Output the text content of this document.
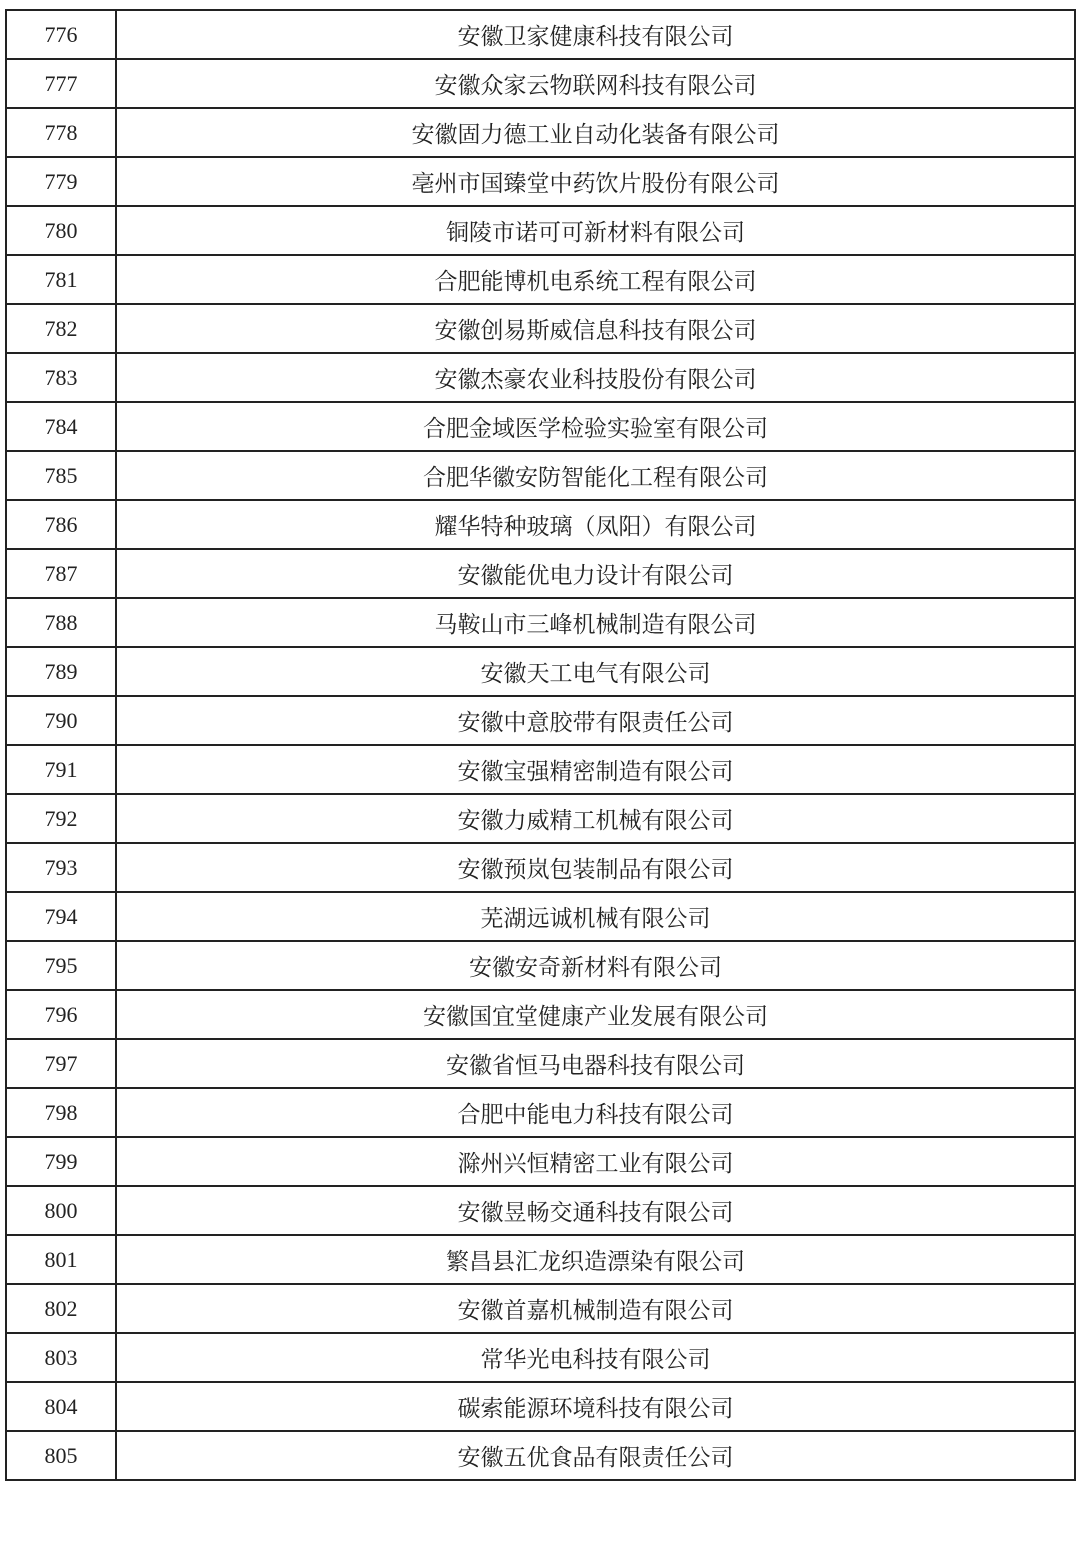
776	安徽卫家健康科技有限公司
777	安徽众家云物联网科技有限公司
778	安徽固力德工业自动化装备有限公司
779	亳州市国臻堂中药饮片股份有限公司
780	铜陵市诺可可新材料有限公司
781	合肥能博机电系统工程有限公司
782	安徽创易斯威信息科技有限公司
783	安徽杰豪农业科技股份有限公司
784	合肥金域医学检验实验室有限公司
785	合肥华徽安防智能化工程有限公司
786	耀华特种玻璃（凤阳）有限公司
787	安徽能优电力设计有限公司
788	马鞍山市三峰机械制造有限公司
789	安徽天工电气有限公司
790	安徽中意胶带有限责任公司
791	安徽宝强精密制造有限公司
792	安徽力威精工机械有限公司
793	安徽预岚包装制品有限公司
794	芜湖远诚机械有限公司
795	安徽安奇新材料有限公司
796	安徽国宜堂健康产业发展有限公司
797	安徽省恒马电器科技有限公司
798	合肥中能电力科技有限公司
799	滁州兴恒精密工业有限公司
800	安徽昱畅交通科技有限公司
801	繁昌县汇龙织造漂染有限公司
802	安徽首嘉机械制造有限公司
803	常华光电科技有限公司
804	碳索能源环境科技有限公司
805	安徽五优食品有限责任公司
